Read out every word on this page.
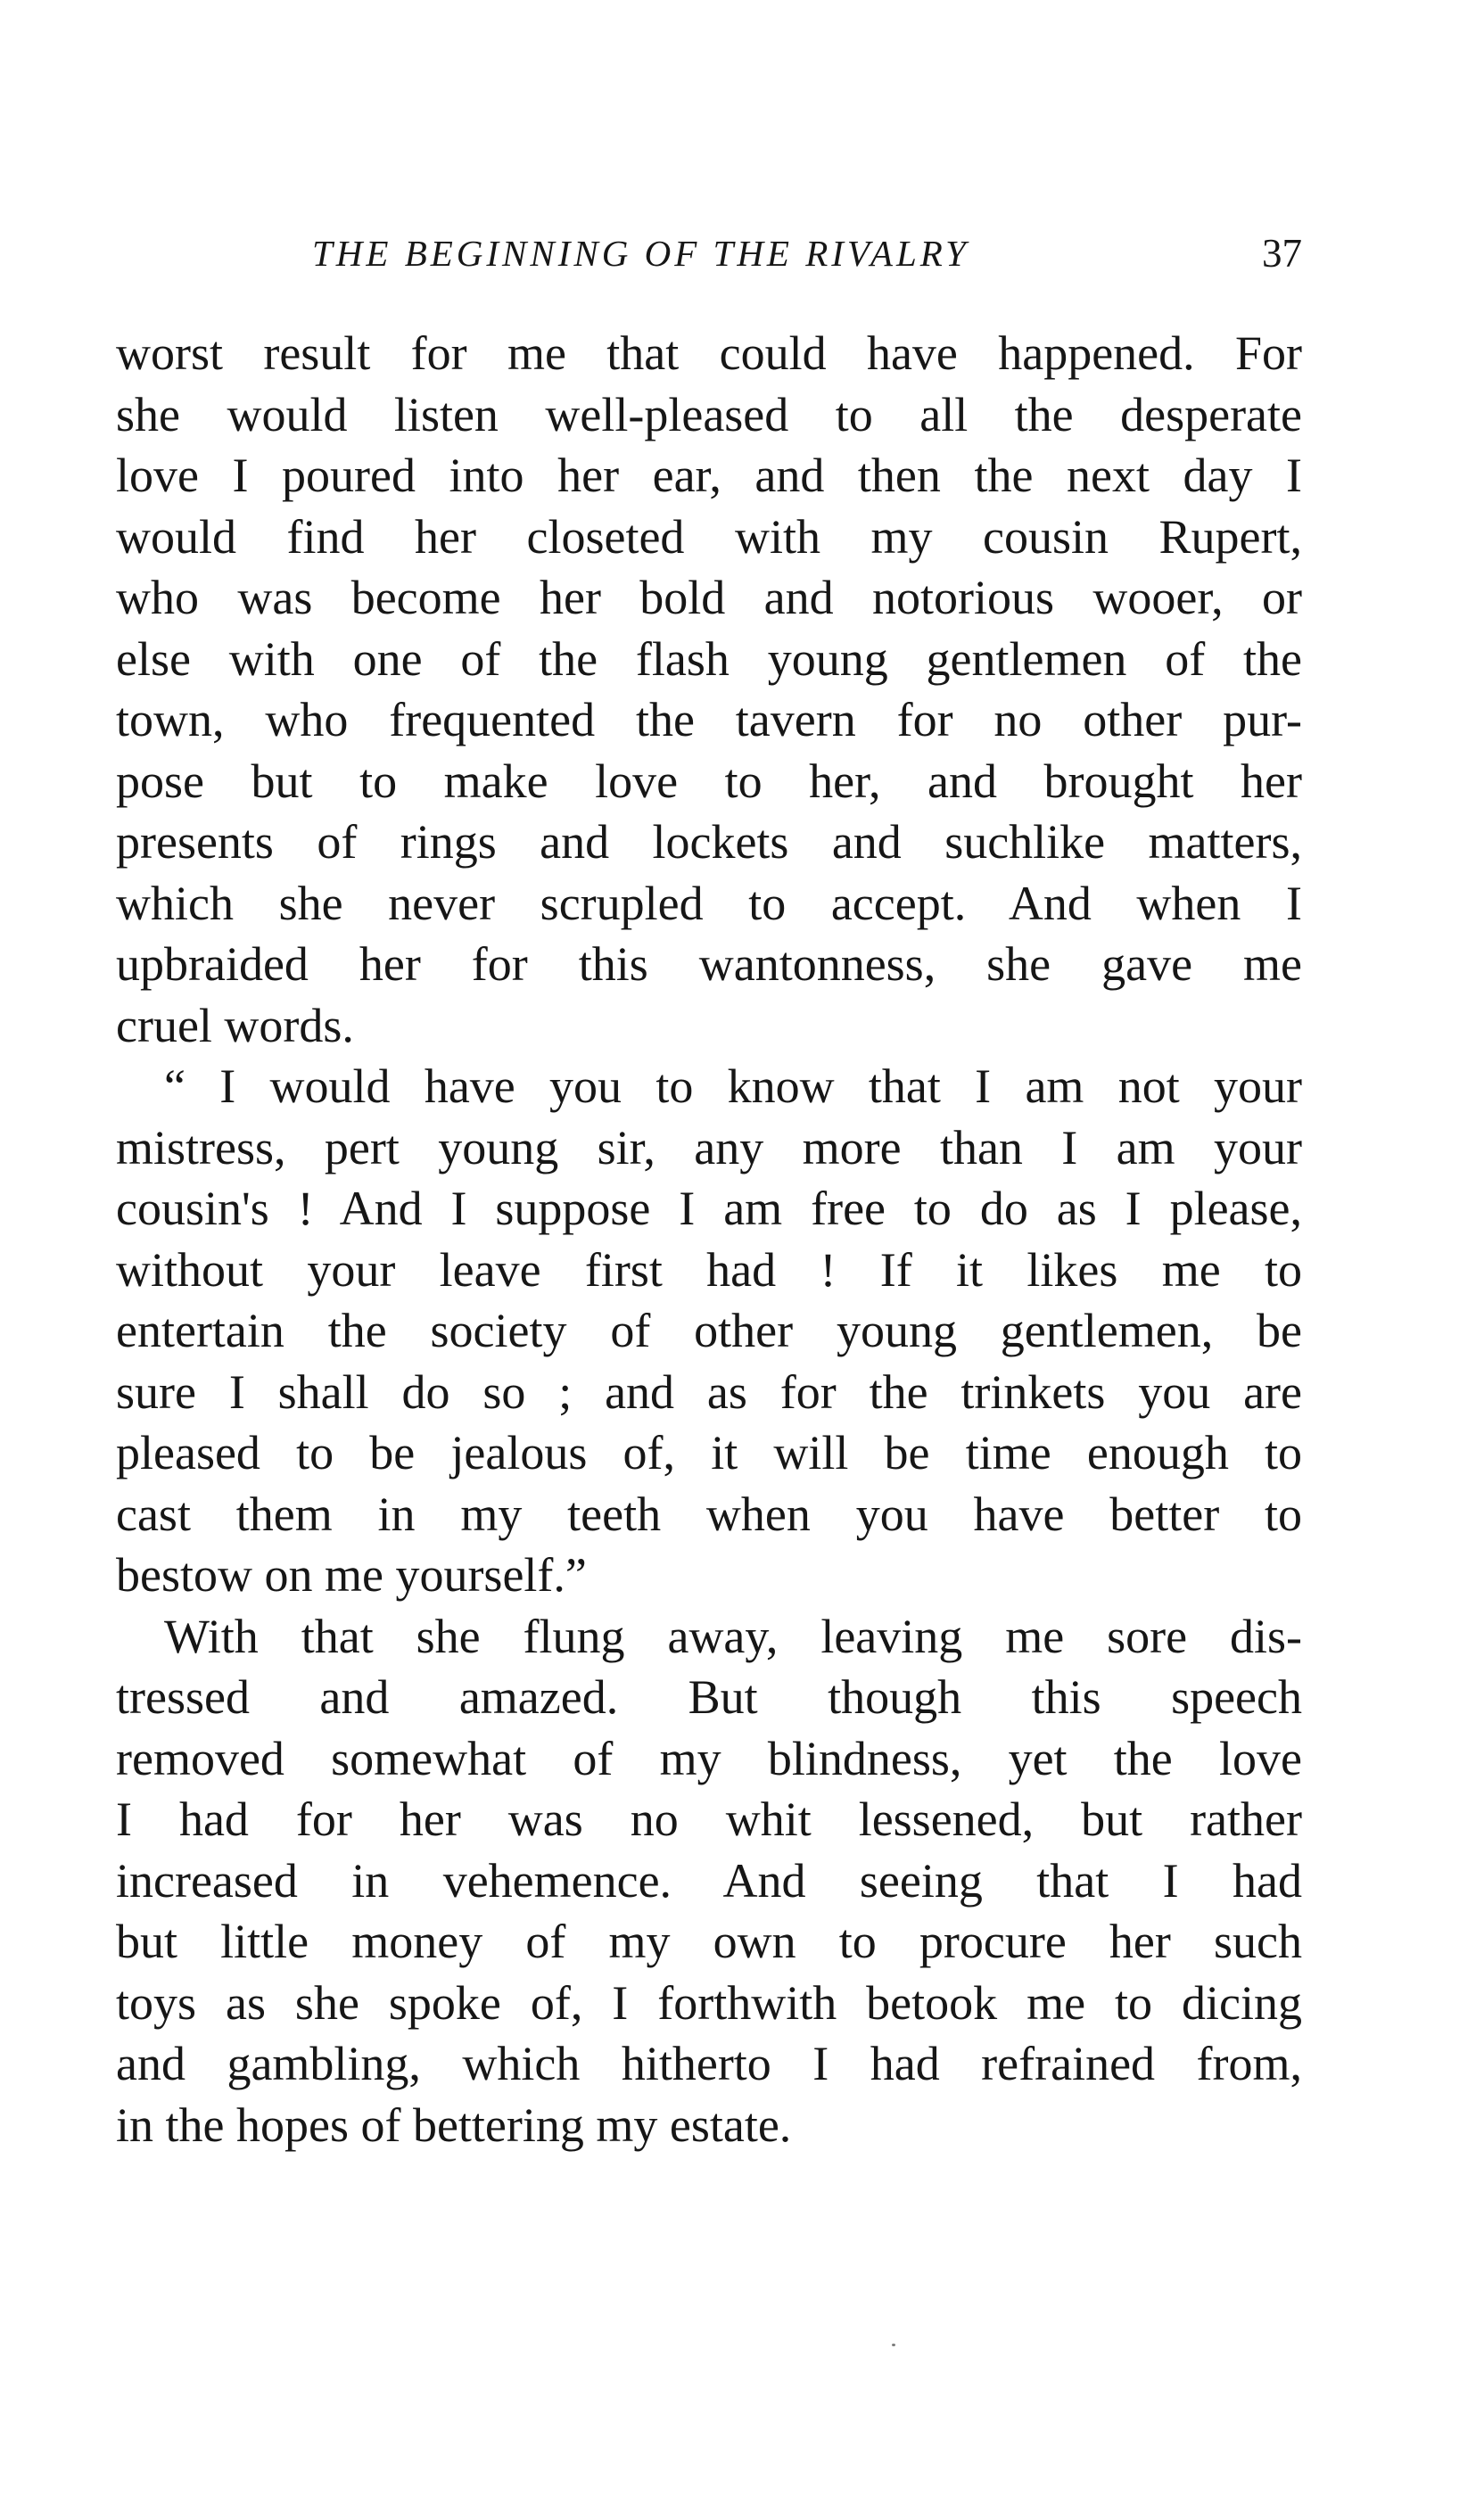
THE BEGINNING OF THE RIVALRY	37

worst result for me that could have happened. For
she would listen well-pleased to all the desperate
love I poured into her ear, and then the next day I
would find her closeted with my cousin Rupert,
who was become her bold and notorious wooer, or
else with one of the flash young gentlemen of the
town, who frequented the tavern for no other pur-
pose but to make love to her, and brought her
presents of rings and lockets and suchlike matters,
which she never scrupled to accept. And when I
upbraided her for this wantonness, she gave me
cruel words.

“ I would have you to know that I am not your
mistress, pert young sir, any more than I am your
cousin's ! And I suppose I am free to do as I please,
without your leave first had ! If it likes me to
entertain the society of other young gentlemen, be
sure I shall do so ; and as for the trinkets you are
pleased to be jealous of, it will be time enough to
cast them in my teeth when you have better to
bestow on me yourself.”

With that she flung away, leaving me sore dis-
tressed and amazed. But though this speech
removed somewhat of my blindness, yet the love
I had for her was no whit lessened, but rather
increased in vehemence. And seeing that I had
but little money of my own to procure her such
toys as she spoke of, I forthwith betook me to dicing
and gambling, which hitherto I had refrained from,
in the hopes of bettering my estate.
